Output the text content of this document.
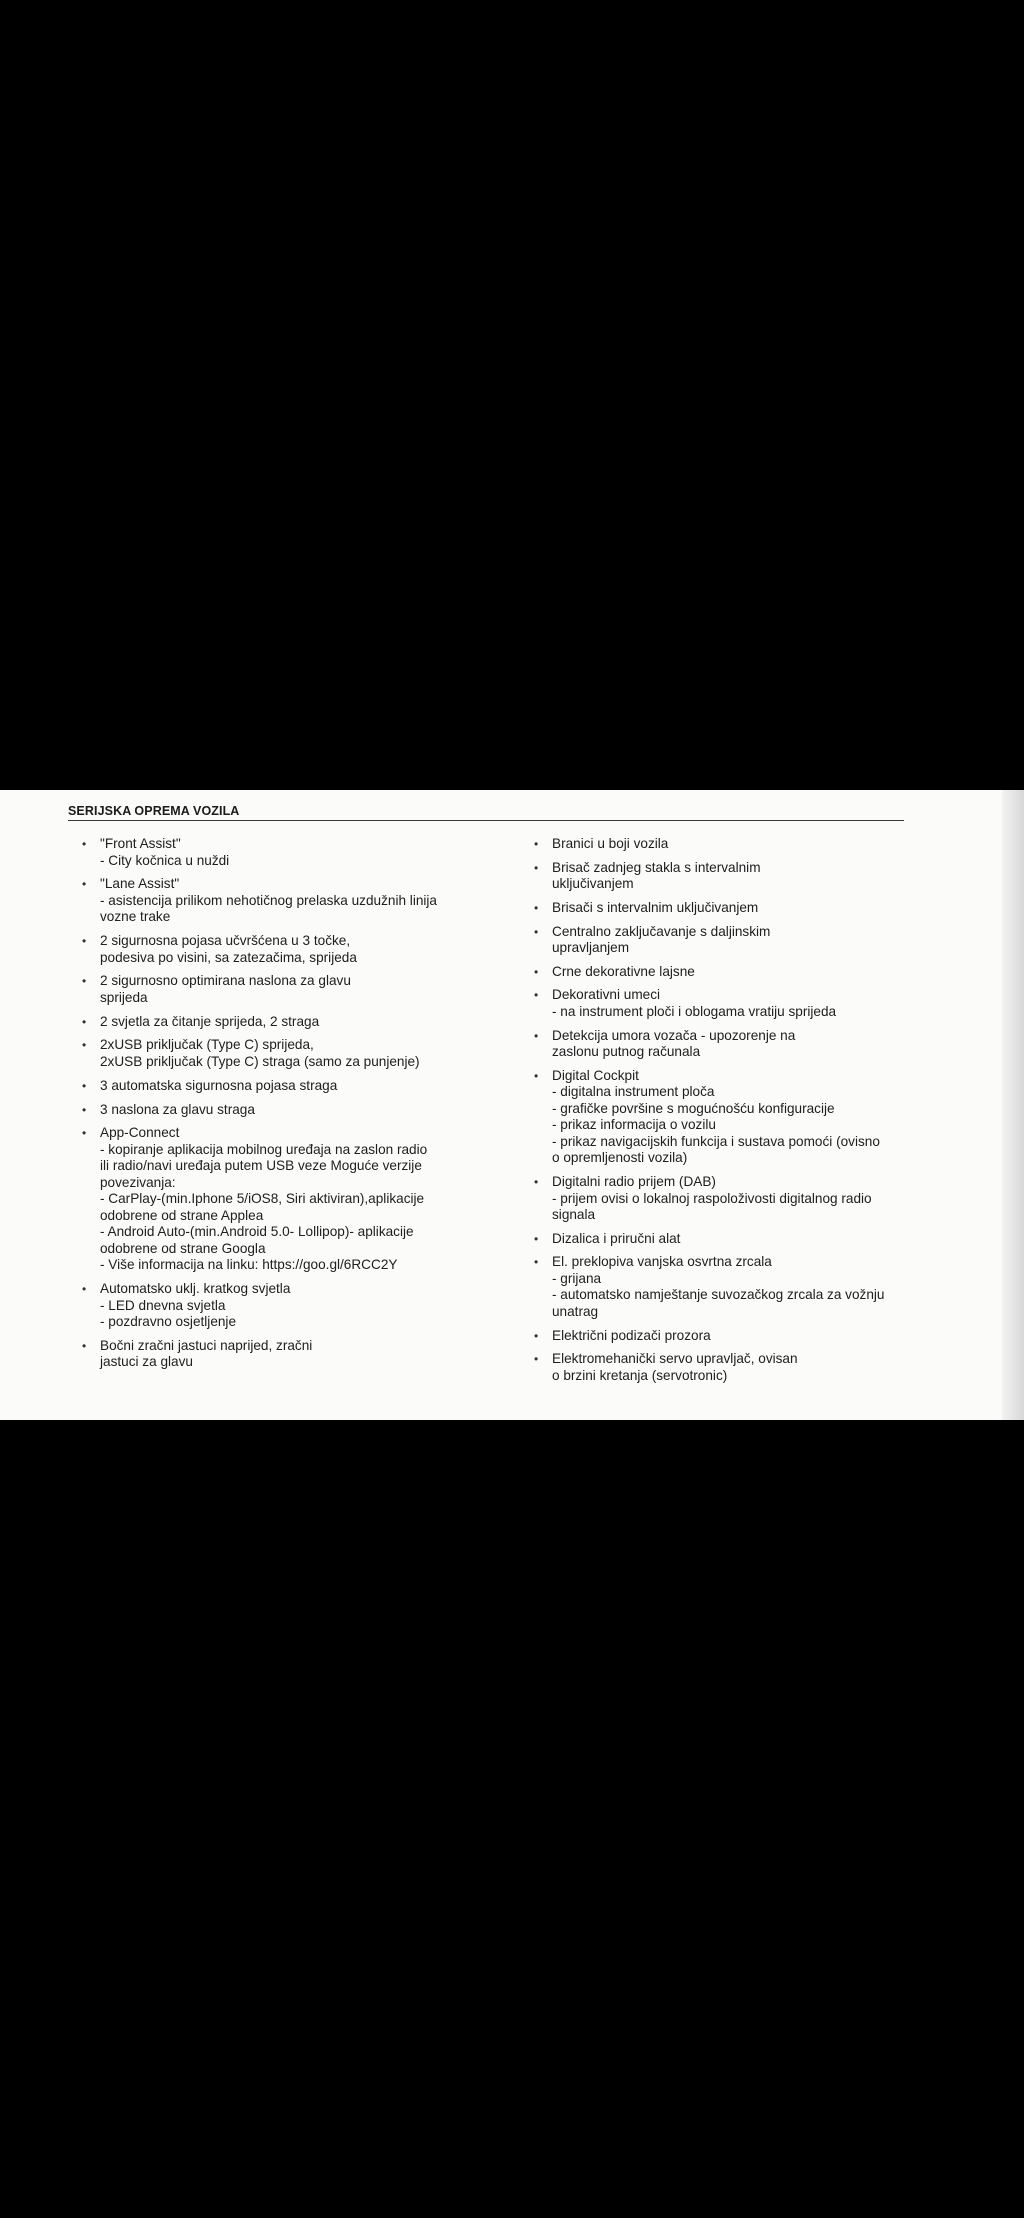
SERIJSKA OPREMA VOZILA
• "Front Assist"
- City kočnica u nuždi
• "Lane Assist"
- asistencija prilikom nehotičnog prelaska uzdužnih linija
vozne trake
• 2 sigurnosna pojasa učvršćena u 3 točke,
podesiva po visini, sa zatezačima, sprijeda
• 2 sigurnosno optimirana naslona za glavu
sprijeda
• 2 svjetla za čitanje sprijeda, 2 straga
• 2xUSB priključak (Type C) sprijeda,
2xUSB priključak (Type C) straga (samo za punjenje)
• 3 automatska sigurnosna pojasa straga
• 3 naslona za glavu straga
• App-Connect
- kopiranje aplikacija mobilnog uređaja na zaslon radio
ili radio/navi uređaja putem USB veze Moguće verzije
povezivanja:
- CarPlay-(min.Iphone 5/iOS8, Siri aktiviran),aplikacije
odobrene od strane Applea
- Android Auto-(min.Android 5.0- Lollipop)- aplikacije
odobrene od strane Googla
- Više informacija na linku: https://goo.gl/6RCC2Y
• Automatsko uklj. kratkog svjetla
- LED dnevna svjetla
- pozdravno osjetljenje
• Bočni zračni jastuci naprijed, zračni
jastuci za glavu
• Branici u boji vozila
• Brisač zadnjeg stakla s intervalnim
uključivanjem
• Brisači s intervalnim uključivanjem
• Centralno zaključavanje s daljinskim
upravljanjem
• Crne dekorativne lajsne
• Dekorativni umeci
- na instrument ploči i oblogama vratiju sprijeda
• Detekcija umora vozača - upozorenje na
zaslonu putnog računala
• Digital Cockpit
- digitalna instrument ploča
- grafičke površine s mogućnošću konfiguracije
- prikaz informacija o vozilu
- prikaz navigacijskih funkcija i sustava pomoći (ovisno
o opremljenosti vozila)
• Digitalni radio prijem (DAB)
- prijem ovisi o lokalnoj raspoloživosti digitalnog radio
signala
• Dizalica i priručni alat
• El. preklopiva vanjska osvrtna zrcala
- grijana
- automatsko namještanje suvozačkog zrcala za vožnju
unatrag
• Električni podizači prozora
• Elektromehanički servo upravljač, ovisan
o brzini kretanja (servotronic)
